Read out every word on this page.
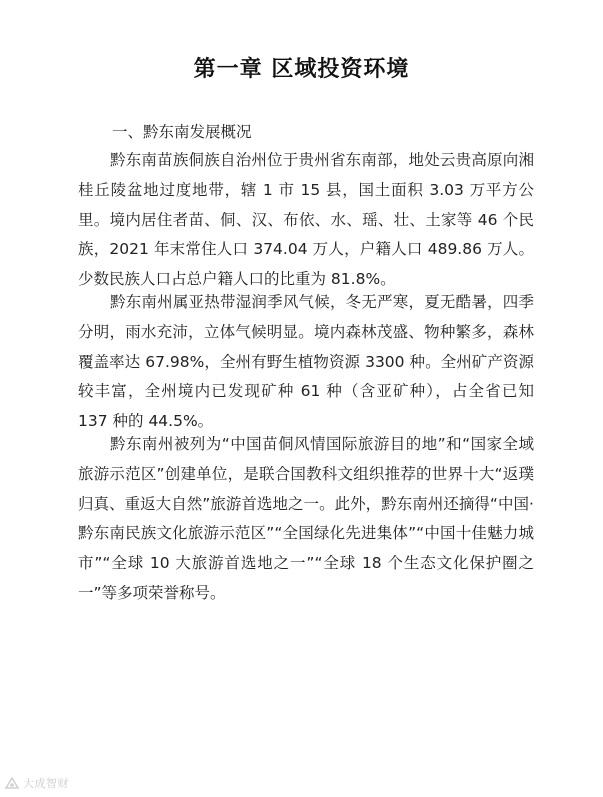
第一章 区域投资环境
一、黔东南发展概况

黔东南苗族侗族自治州位于贵州省东南部，地处云贵高原向湘桂丘陵盆地过度地带，辖 1 市 15 县，国土面积 3.03 万平方公里。境内居住者苗、侗、汉、布依、水、瑶、壮、土家等 46 个民族，2021 年末常住人口 374.04 万人，户籍人口 489.86 万人。少数民族人口占总户籍人口的比重为 81.8%。

黔东南州属亚热带湿润季风气候，冬无严寒，夏无酷暑，四季分明，雨水充沛，立体气候明显。境内森林茂盛、物种繁多，森林覆盖率达 67.98%，全州有野生植物资源 3300 种。全州矿产资源较丰富，全州境内已发现矿种 61 种（含亚矿种），占全省已知 137 种的 44.5%。

黔东南州被列为“中国苗侗风情国际旅游目的地”和“国家全域旅游示范区”创建单位，是联合国教科文组织推荐的世界十大“返璞归真、重返大自然”旅游首选地之一。此外，黔东南州还摘得“中国·黔东南民族文化旅游示范区”“全国绿化先进集体”“中国十佳魅力城市”“全球 10 大旅游首选地之一”“全球 18 个生态文化保护圈之一”等多项荣誉称号。

大成智财
